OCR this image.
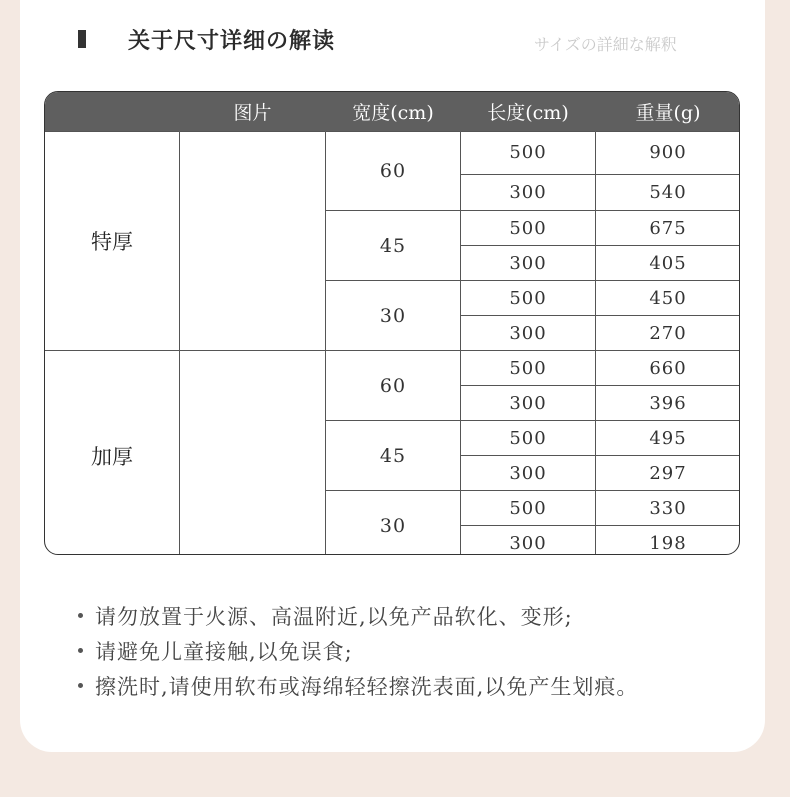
关于尺寸详细の解读	サイズの詳細な解釈
	图片	宽度(cm)	长度(cm)	重量(g)
特厚		60	500	900
			300	540
		45	500	675
			300	405
		30	500	450
			300	270
加厚		60	500	660
			300	396
		45	500	495
			300	297
		30	500	330
			300	198
请勿放置于火源、高温附近,以免产品软化、变形;
请避免儿童接触,以免误食;
擦洗时,请使用软布或海绵轻轻擦洗表面,以免产生划痕。
